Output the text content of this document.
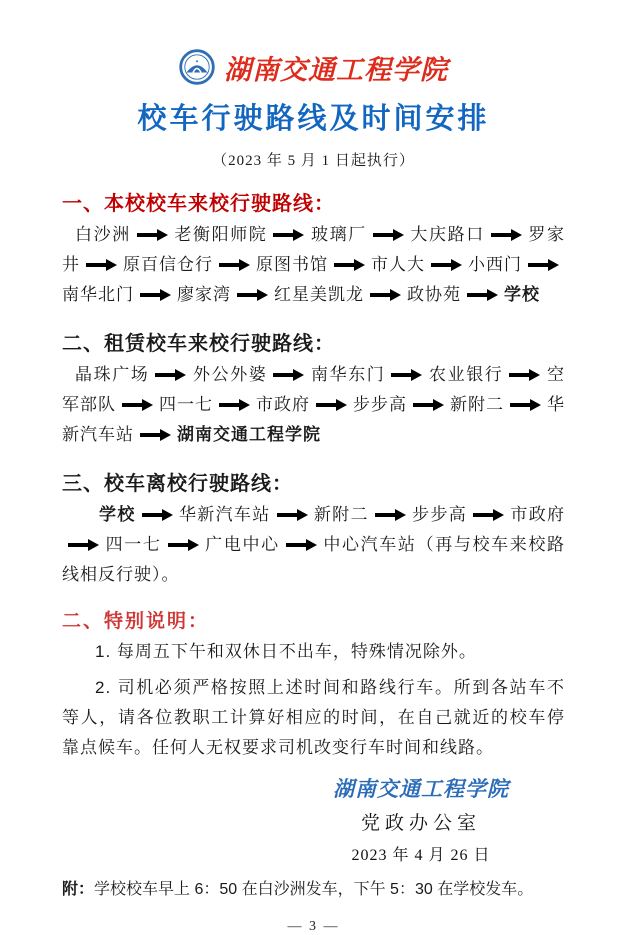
湖南交通工程学院
校车行驶路线及时间安排
（2023 年 5 月 1 日起执行）
一、本校校车来校行驶路线：

白沙洲	老衡阳师院	玻璃厂	大庆路口	罗家井	原百信仓行	原图书馆	市人大	小西门南华北门	廖家湾	红星美凯龙	政协苑	学校

二、租赁校车来校行驶路线：

晶珠广场	外公外婆	南华东门	农业银行	空军部队	四一七	市政府	步步高	新附二	华新汽车站	湖南交通工程学院

三、校车离校行驶路线：

学校	华新汽车站	新附二	步步高	市政府四一七	广电中心	中心汽车站（再与校车来校路线相反行驶）。

二、特别说明：

1. 每周五下午和双休日不出车，特殊情况除外。

2. 司机必须严格按照上述时间和路线行车。所到各站车不等人，请各位教职工计算好相应的时间，在自己就近的校车停靠点候车。任何人无权要求司机改变行车时间和线路。

湖南交通工程学院
党政办公室
2023 年 4 月 26 日

附：学校校车早上 6：50 在白沙洲发车，下午 5：30 在学校发车。

— 3 —
